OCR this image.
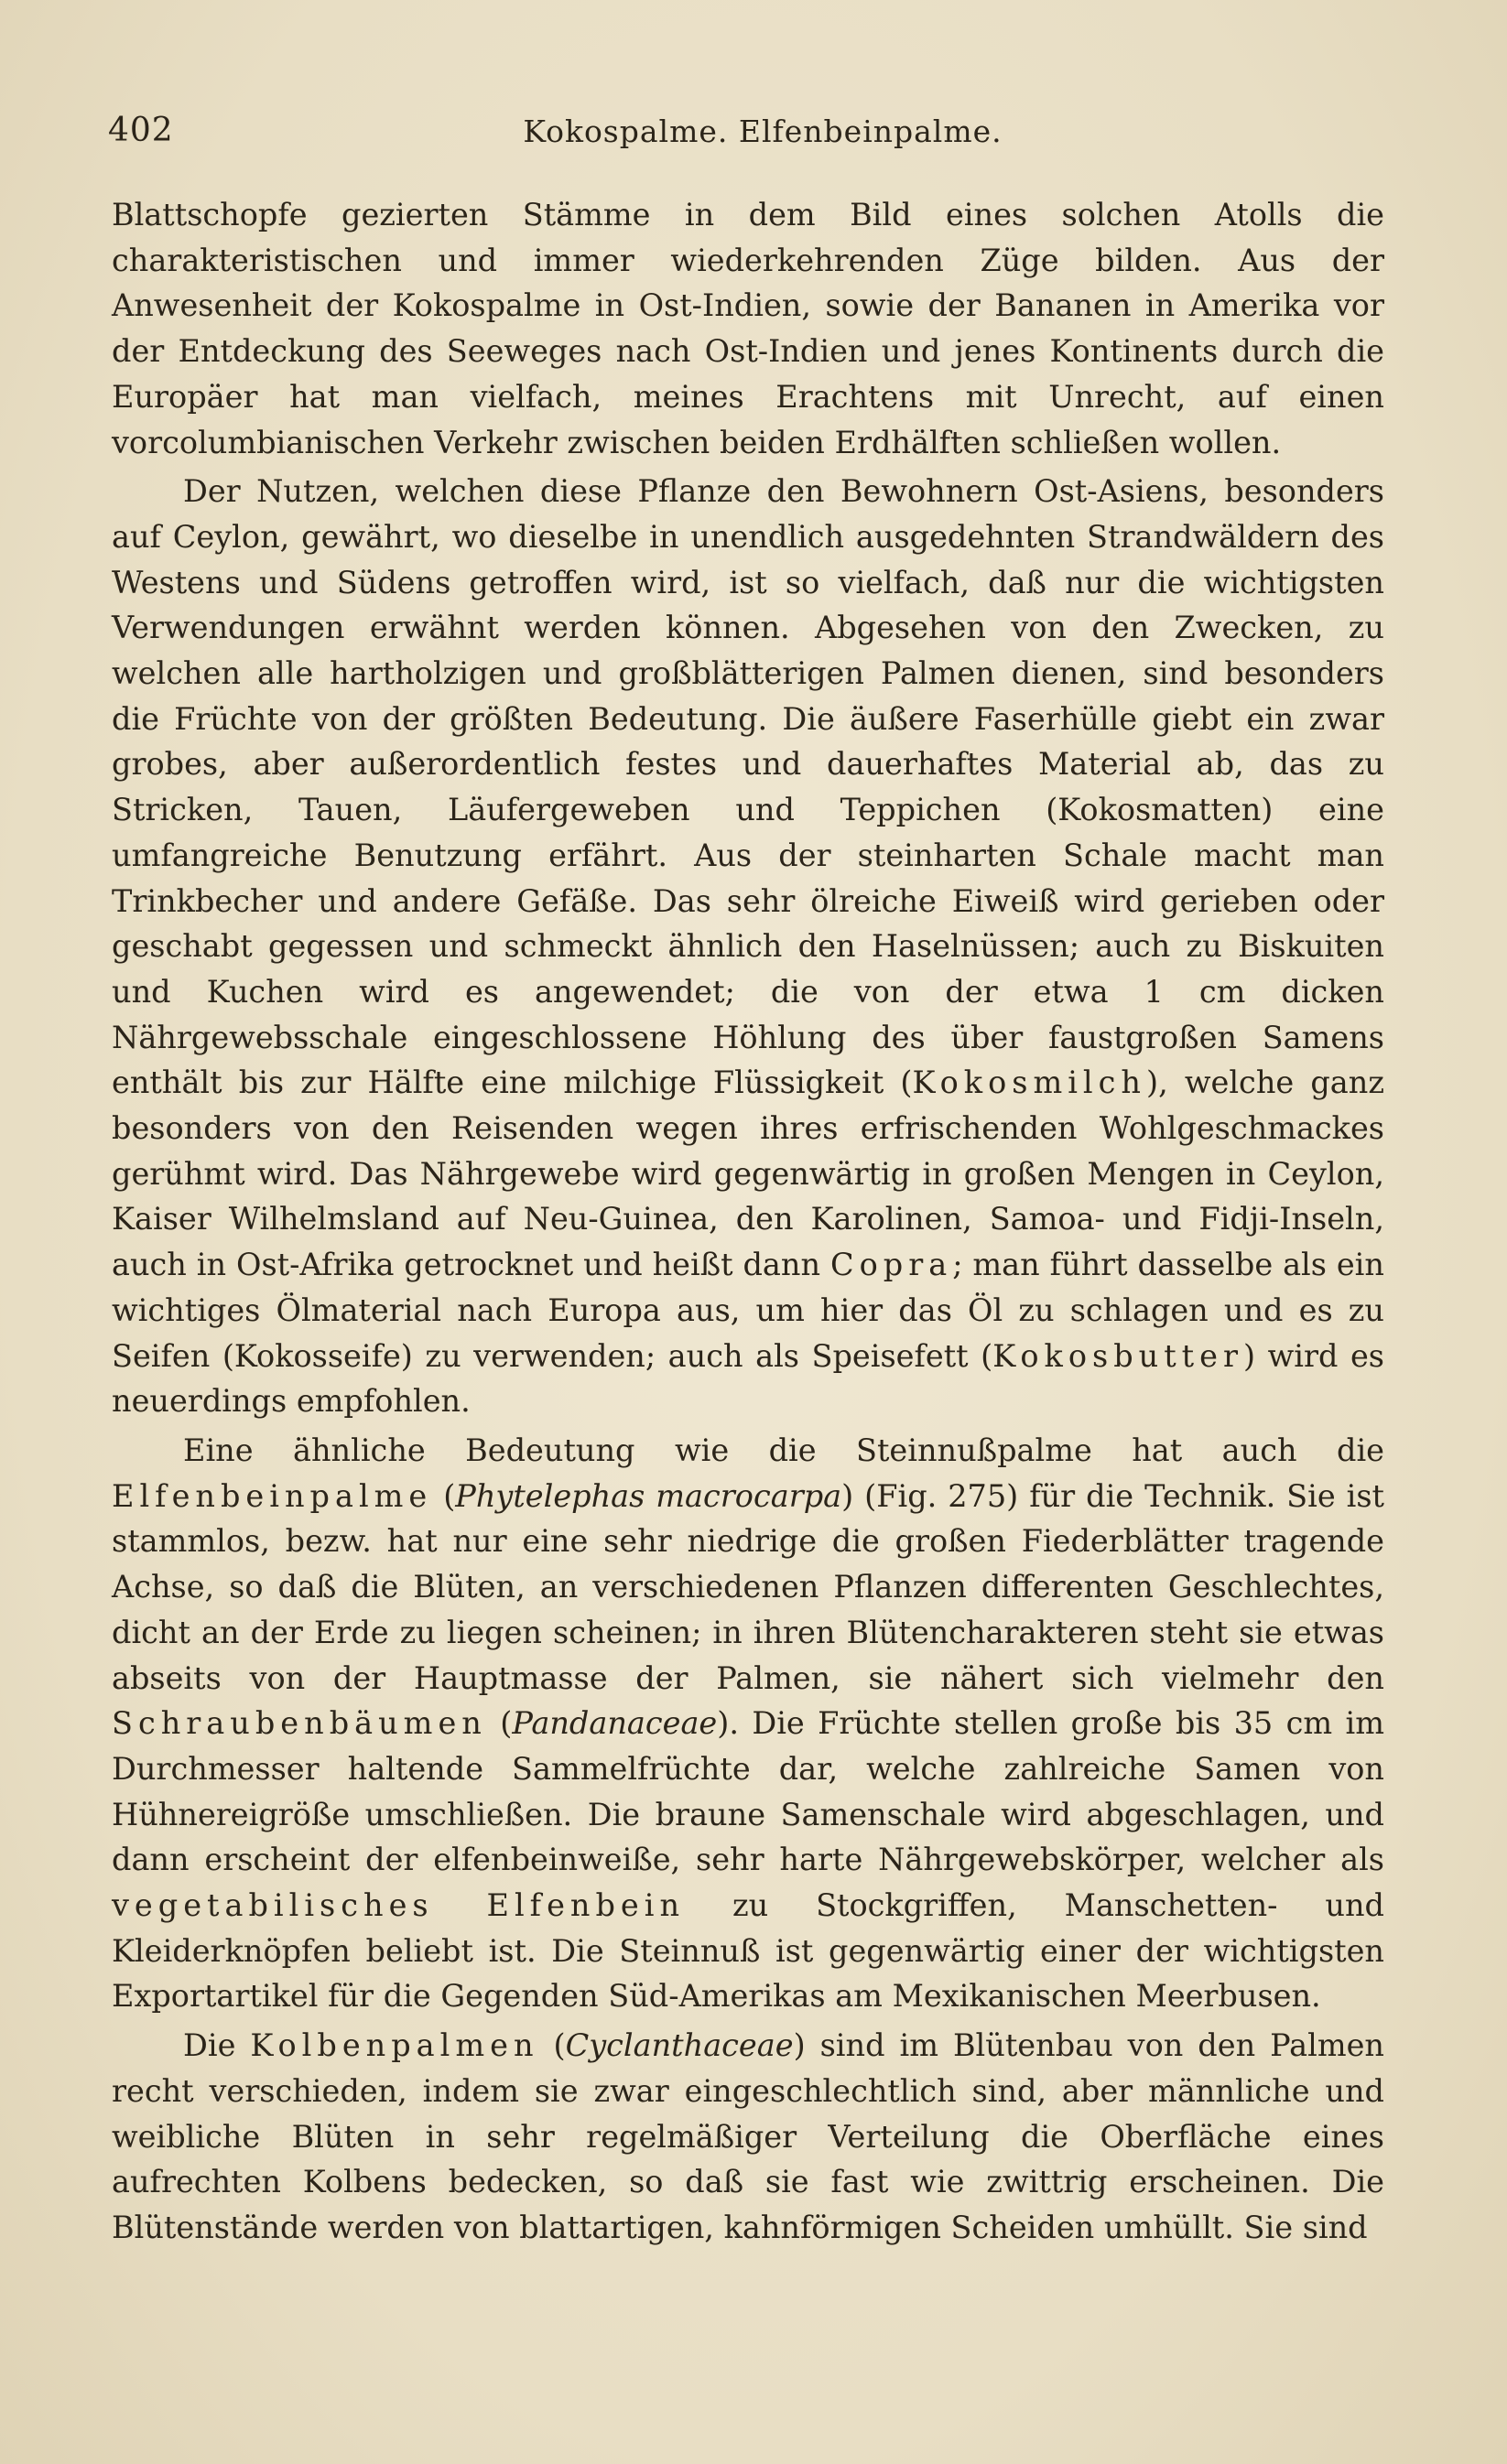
402	Kokospalme. Elfenbeinpalme.

Blattschopfe gezierten Stämme in dem Bild eines solchen Atolls die charakteristischen und immer wiederkehrenden Züge bilden. Aus der Anwesenheit der Kokospalme in Ost-Indien, sowie der Bananen in Amerika vor der Entdeckung des Seeweges nach Ost-Indien und jenes Kontinents durch die Europäer hat man vielfach, meines Erachtens mit Unrecht, auf einen vorcolumbianischen Verkehr zwischen beiden Erdhälften schließen wollen.

Der Nutzen, welchen diese Pflanze den Bewohnern Ost-Asiens, besonders auf Ceylon, gewährt, wo dieselbe in unendlich ausgedehnten Strandwäldern des Westens und Südens getroffen wird, ist so vielfach, daß nur die wichtigsten Verwendungen erwähnt werden können. Abgesehen von den Zwecken, zu welchen alle hartholzigen und großblätterigen Palmen dienen, sind besonders die Früchte von der größten Bedeutung. Die äußere Faserhülle giebt ein zwar grobes, aber außerordentlich festes und dauerhaftes Material ab, das zu Stricken, Tauen, Läufergeweben und Teppichen (Kokosmatten) eine umfangreiche Benutzung erfährt. Aus der steinharten Schale macht man Trinkbecher und andere Gefäße. Das sehr ölreiche Eiweiß wird gerieben oder geschabt gegessen und schmeckt ähnlich den Haselnüssen; auch zu Biskuiten und Kuchen wird es angewendet; die von der etwa 1 cm dicken Nährgewebsschale eingeschlossene Höhlung des über faustgroßen Samens enthält bis zur Hälfte eine milchige Flüssigkeit (Kokosmilch), welche ganz besonders von den Reisenden wegen ihres erfrischenden Wohlgeschmackes gerühmt wird. Das Nährgewebe wird gegenwärtig in großen Mengen in Ceylon, Kaiser Wilhelmsland auf Neu-Guinea, den Karolinen, Samoa- und Fidji-Inseln, auch in Ost-Afrika getrocknet und heißt dann Copra; man führt dasselbe als ein wichtiges Ölmaterial nach Europa aus, um hier das Öl zu schlagen und es zu Seifen (Kokosseife) zu verwenden; auch als Speisefett (Kokosbutter) wird es neuerdings empfohlen.

Eine ähnliche Bedeutung wie die Steinnußpalme hat auch die Elfenbeinpalme (Phytelephas macrocarpa) (Fig. 275) für die Technik. Sie ist stammlos, bezw. hat nur eine sehr niedrige die großen Fiederblätter tragende Achse, so daß die Blüten, an verschiedenen Pflanzen differenten Geschlechtes, dicht an der Erde zu liegen scheinen; in ihren Blütencharakteren steht sie etwas abseits von der Hauptmasse der Palmen, sie nähert sich vielmehr den Schraubenbäumen (Pandanaceae). Die Früchte stellen große bis 35 cm im Durchmesser haltende Sammelfrüchte dar, welche zahlreiche Samen von Hühnereigröße umschließen. Die braune Samenschale wird abgeschlagen, und dann erscheint der elfenbeinweiße, sehr harte Nährgewebskörper, welcher als vegetabilisches Elfenbein zu Stockgriffen, Manschetten- und Kleiderknöpfen beliebt ist. Die Steinnuß ist gegenwärtig einer der wichtigsten Exportartikel für die Gegenden Süd-Amerikas am Mexikanischen Meerbusen.

Die Kolbenpalmen (Cyclanthaceae) sind im Blütenbau von den Palmen recht verschieden, indem sie zwar eingeschlechtlich sind, aber männliche und weibliche Blüten in sehr regelmäßiger Verteilung die Oberfläche eines aufrechten Kolbens bedecken, so daß sie fast wie zwittrig erscheinen. Die Blütenstände werden von blattartigen, kahnförmigen Scheiden umhüllt. Sie sind
